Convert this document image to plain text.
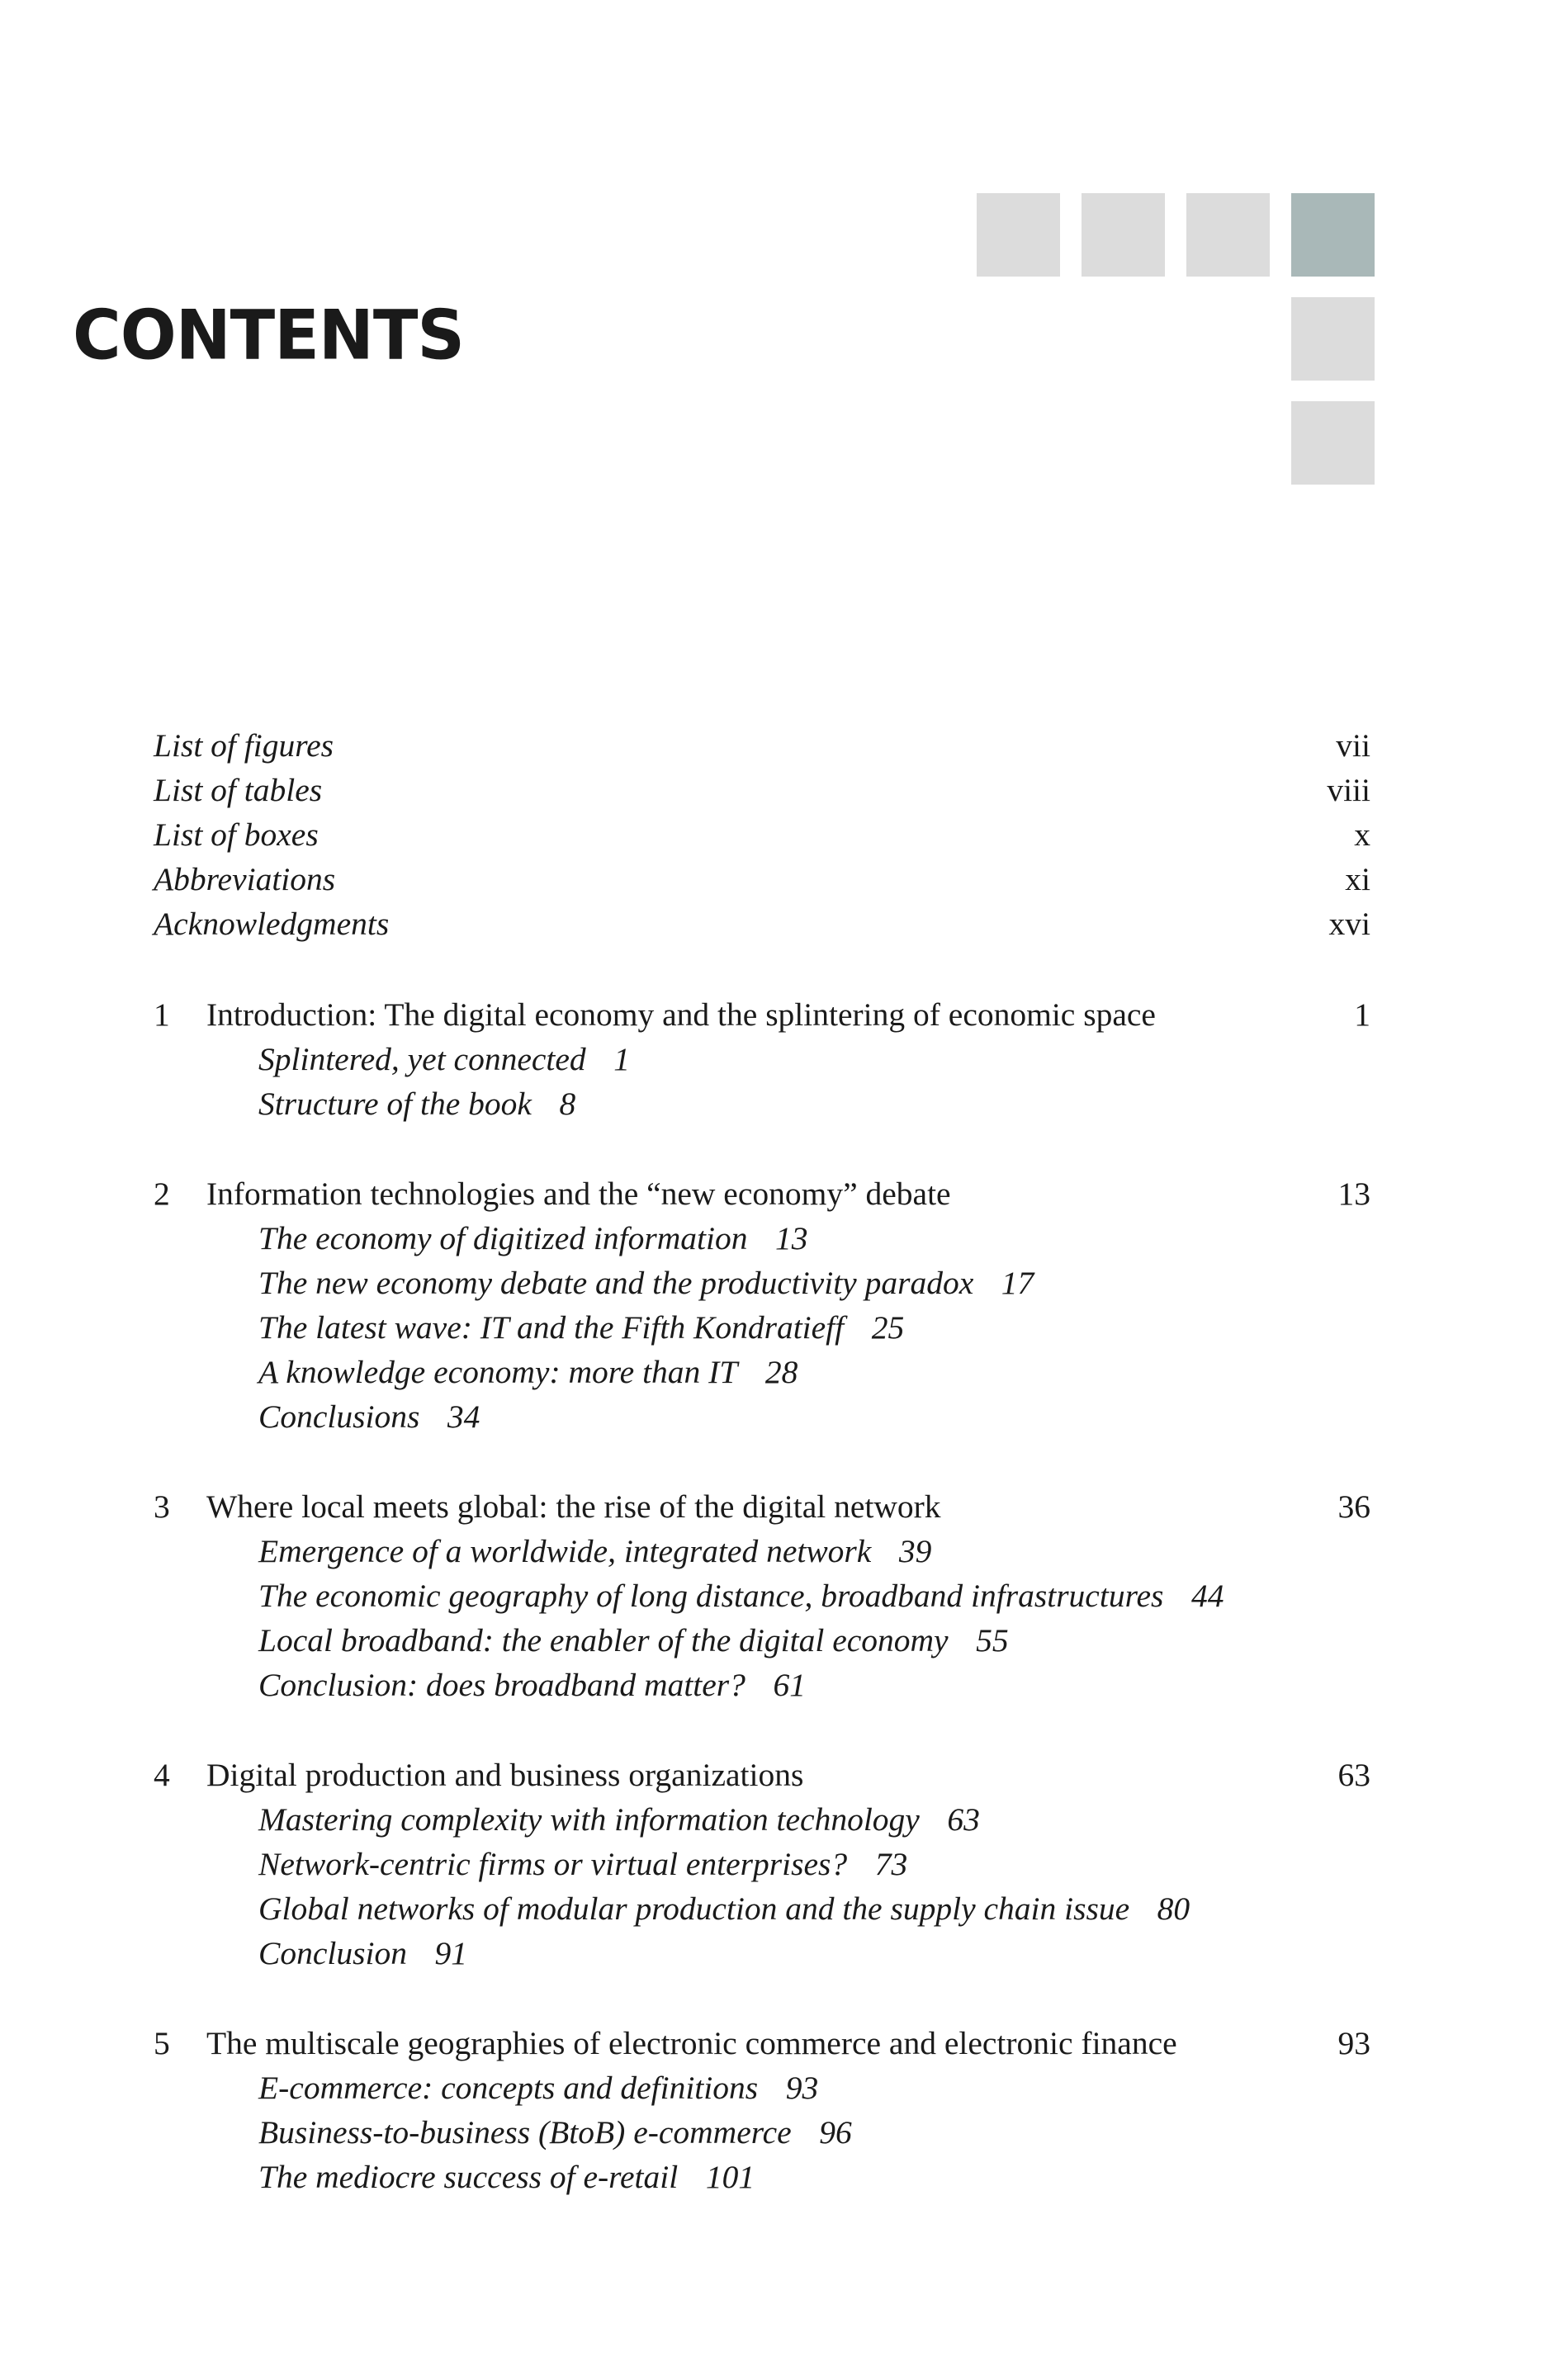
CONTENTS
List of figures	vii
List of tables	viii
List of boxes	x
Abbreviations	xi
Acknowledgments	xvi
1 Introduction: The digital economy and the splintering of economic space	1
Splintered, yet connected 1
Structure of the book 8
2 Information technologies and the “new economy” debate	13
The economy of digitized information 13
The new economy debate and the productivity paradox 17
The latest wave: IT and the Fifth Kondratieff 25
A knowledge economy: more than IT 28
Conclusions 34
3 Where local meets global: the rise of the digital network	36
Emergence of a worldwide, integrated network 39
The economic geography of long distance, broadband infrastructures 44
Local broadband: the enabler of the digital economy 55
Conclusion: does broadband matter? 61
4 Digital production and business organizations	63
Mastering complexity with information technology 63
Network-centric firms or virtual enterprises? 73
Global networks of modular production and the supply chain issue 80
Conclusion 91
5 The multiscale geographies of electronic commerce and electronic finance	93
E-commerce: concepts and definitions 93
Business-to-business (BtoB) e-commerce 96
The mediocre success of e-retail 101
